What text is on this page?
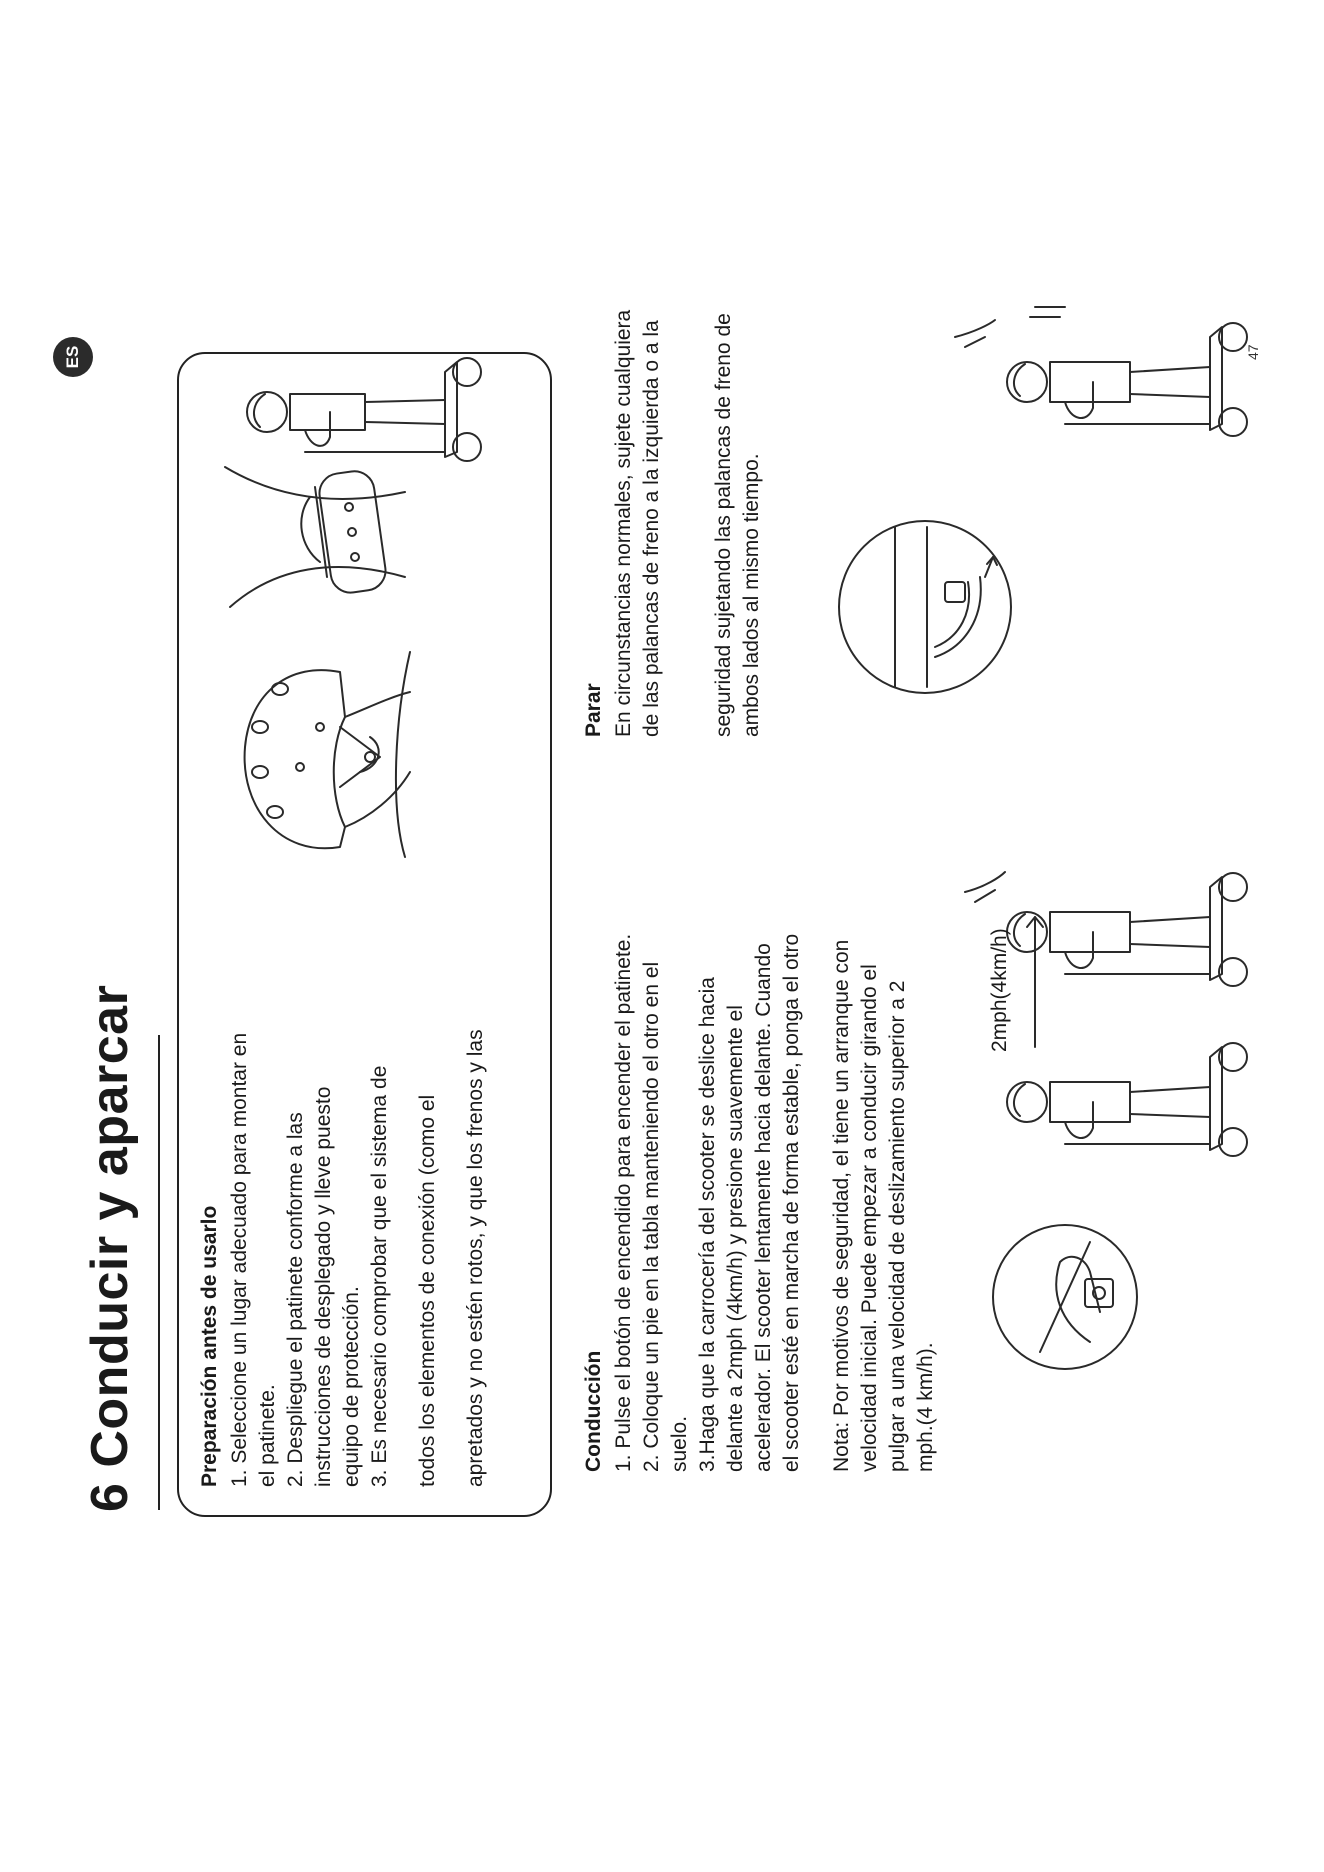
6 Conducir y aparcar
ES	47
Preparación antes de usarlo 1. Seleccione un lugar adecuado para montar en el patinete. 2. Despliegue el patinete conforme a las instrucciones de desplegado y lleve puesto equipo de protección. 3. Es necesario comprobar que el sistema de todos los elementos de conexión (como el apretados y no estén rotos, y que los frenos y las	Conducción 1. Pulse el botón de encendido para encender el patinete. 2. Coloque un pie en la tabla manteniendo el otro en el suelo. 3.Haga que la carrocería del scooter se deslice hacia delante a 2mph (4km/h) y presione suavemente el acelerador. El scooter lentamente hacia delante. Cuando el scooter esté en marcha de forma estable, ponga el otro Nota: Por motivos de seguridad, el tiene un arranque con velocidad inicial. Puede empezar a conducir girando el pulgar a una velocidad de deslizamiento superior a 2 mph.(4 km/h).
Parar En circunstancias normales, sujete cualquiera de las palancas de freno a la izquierda o a la seguridad sujetando las palancas de freno de ambos lados al mismo tiempo.
2mph(4km/h)
